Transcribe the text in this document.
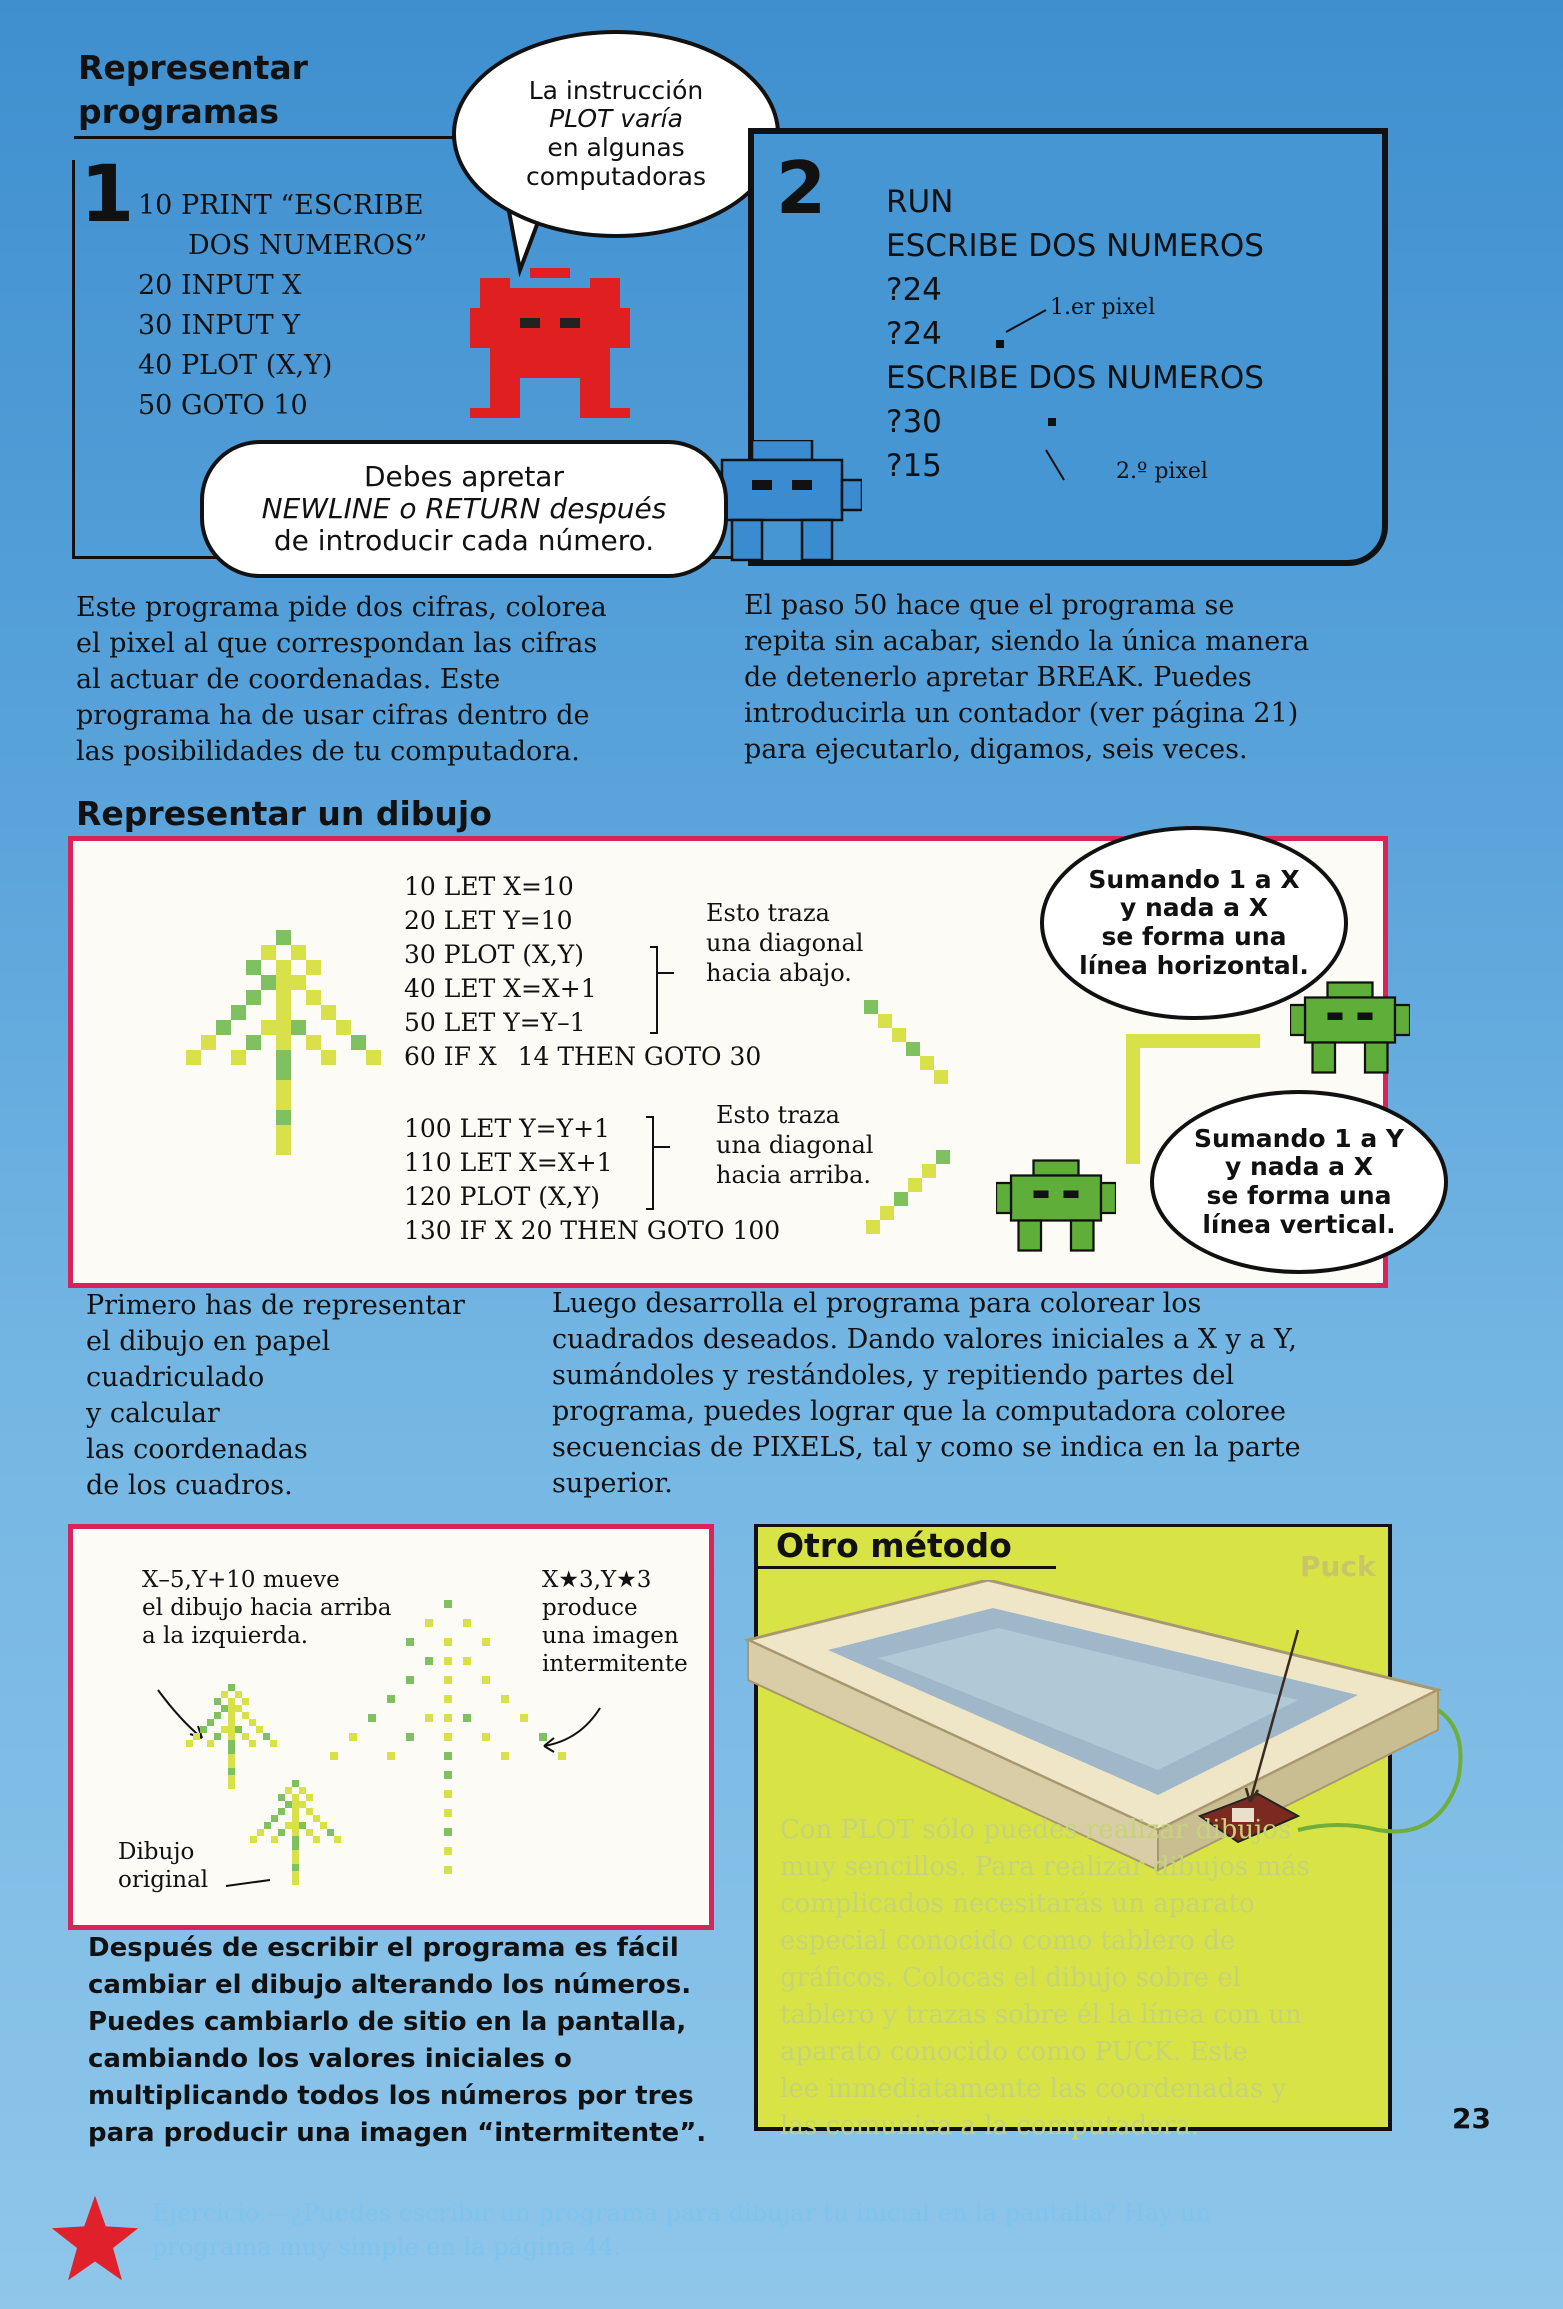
Representar
programas
1 10 PRINT “ESCRIBE
DOS NUMEROS”
20 INPUT X
30 INPUT Y
40 PLOT (X,Y)
50 GOTO 10
La instrucción
PLOT varía
en algunas
computadoras 2 RUN
ESCRIBE DOS NUMEROS
?24
?24
ESCRIBE DOS NUMEROS
?30
?15
1.er pixel
2.º pixel
Debes apretar
NEWLINE o RETURN después
de introducir cada número.
Este programa pide dos cifras, colorea
el pixel al que correspondan las cifras
al actuar de coordenadas. Este
programa ha de usar cifras dentro de
las posibilidades de tu computadora.
El paso 50 hace que el programa se
repita sin acabar, siendo la única manera
de detenerlo apretar BREAK. Puedes
introducirla un contador (ver página 21)
para ejecutarlo, digamos, seis veces.
Representar un dibujo
10 LET X=10
20 LET Y=10
30 PLOT (X,Y)
40 LET X=X+1
50 LET Y=Y–1
60 IF X   14 THEN GOTO 30
Esto traza
una diagonal
hacia abajo.
100 LET Y=Y+1
110 LET X=X+1
120 PLOT (X,Y)
130 IF X 20 THEN GOTO 100
Esto traza
una diagonal
hacia arriba.
Sumando 1 a X
y nada a X
se forma una
línea horizontal.
Sumando 1 a Y
y nada a X
se forma una
línea vertical.
Primero has de representar
el dibujo en papel
cuadriculado
y calcular
las coordenadas
de los cuadros.
Luego desarrolla el programa para colorear los
cuadrados deseados. Dando valores iniciales a X y a Y,
sumándoles y restándoles, y repitiendo partes del
programa, puedes lograr que la computadora coloree
secuencias de PIXELS, tal y como se indica en la parte
superior.
X–5,Y+10 mueve
el dibujo hacia arriba
a la izquierda.
X★3,Y★3
produce
una imagen
intermitente
Dibujo
original
Después de escribir el programa es fácil
cambiar el dibujo alterando los números.
Puedes cambiarlo de sitio en la pantalla,
cambiando los valores iniciales o
multiplicando todos los números por tres
para producir una imagen “intermitente”.
Otro método
Puck
Con PLOT sólo puedes realizar dibujos
muy sencillos. Para realizar dibujos más
complicados necesitarás un aparato
especial conocido como tablero de
gráficos. Colocas el dibujo sobre el
tablero y trazas sobre él la línea con un
aparato conocido como PUCK. Este
lee inmediatamente las coordenadas y
las comunica a la computadora.	23
Ejercicio.—¿Puedes escribir un programa para dibujar tu inicial en la pantalla? Hay un
programa muy simple en la página 44.
